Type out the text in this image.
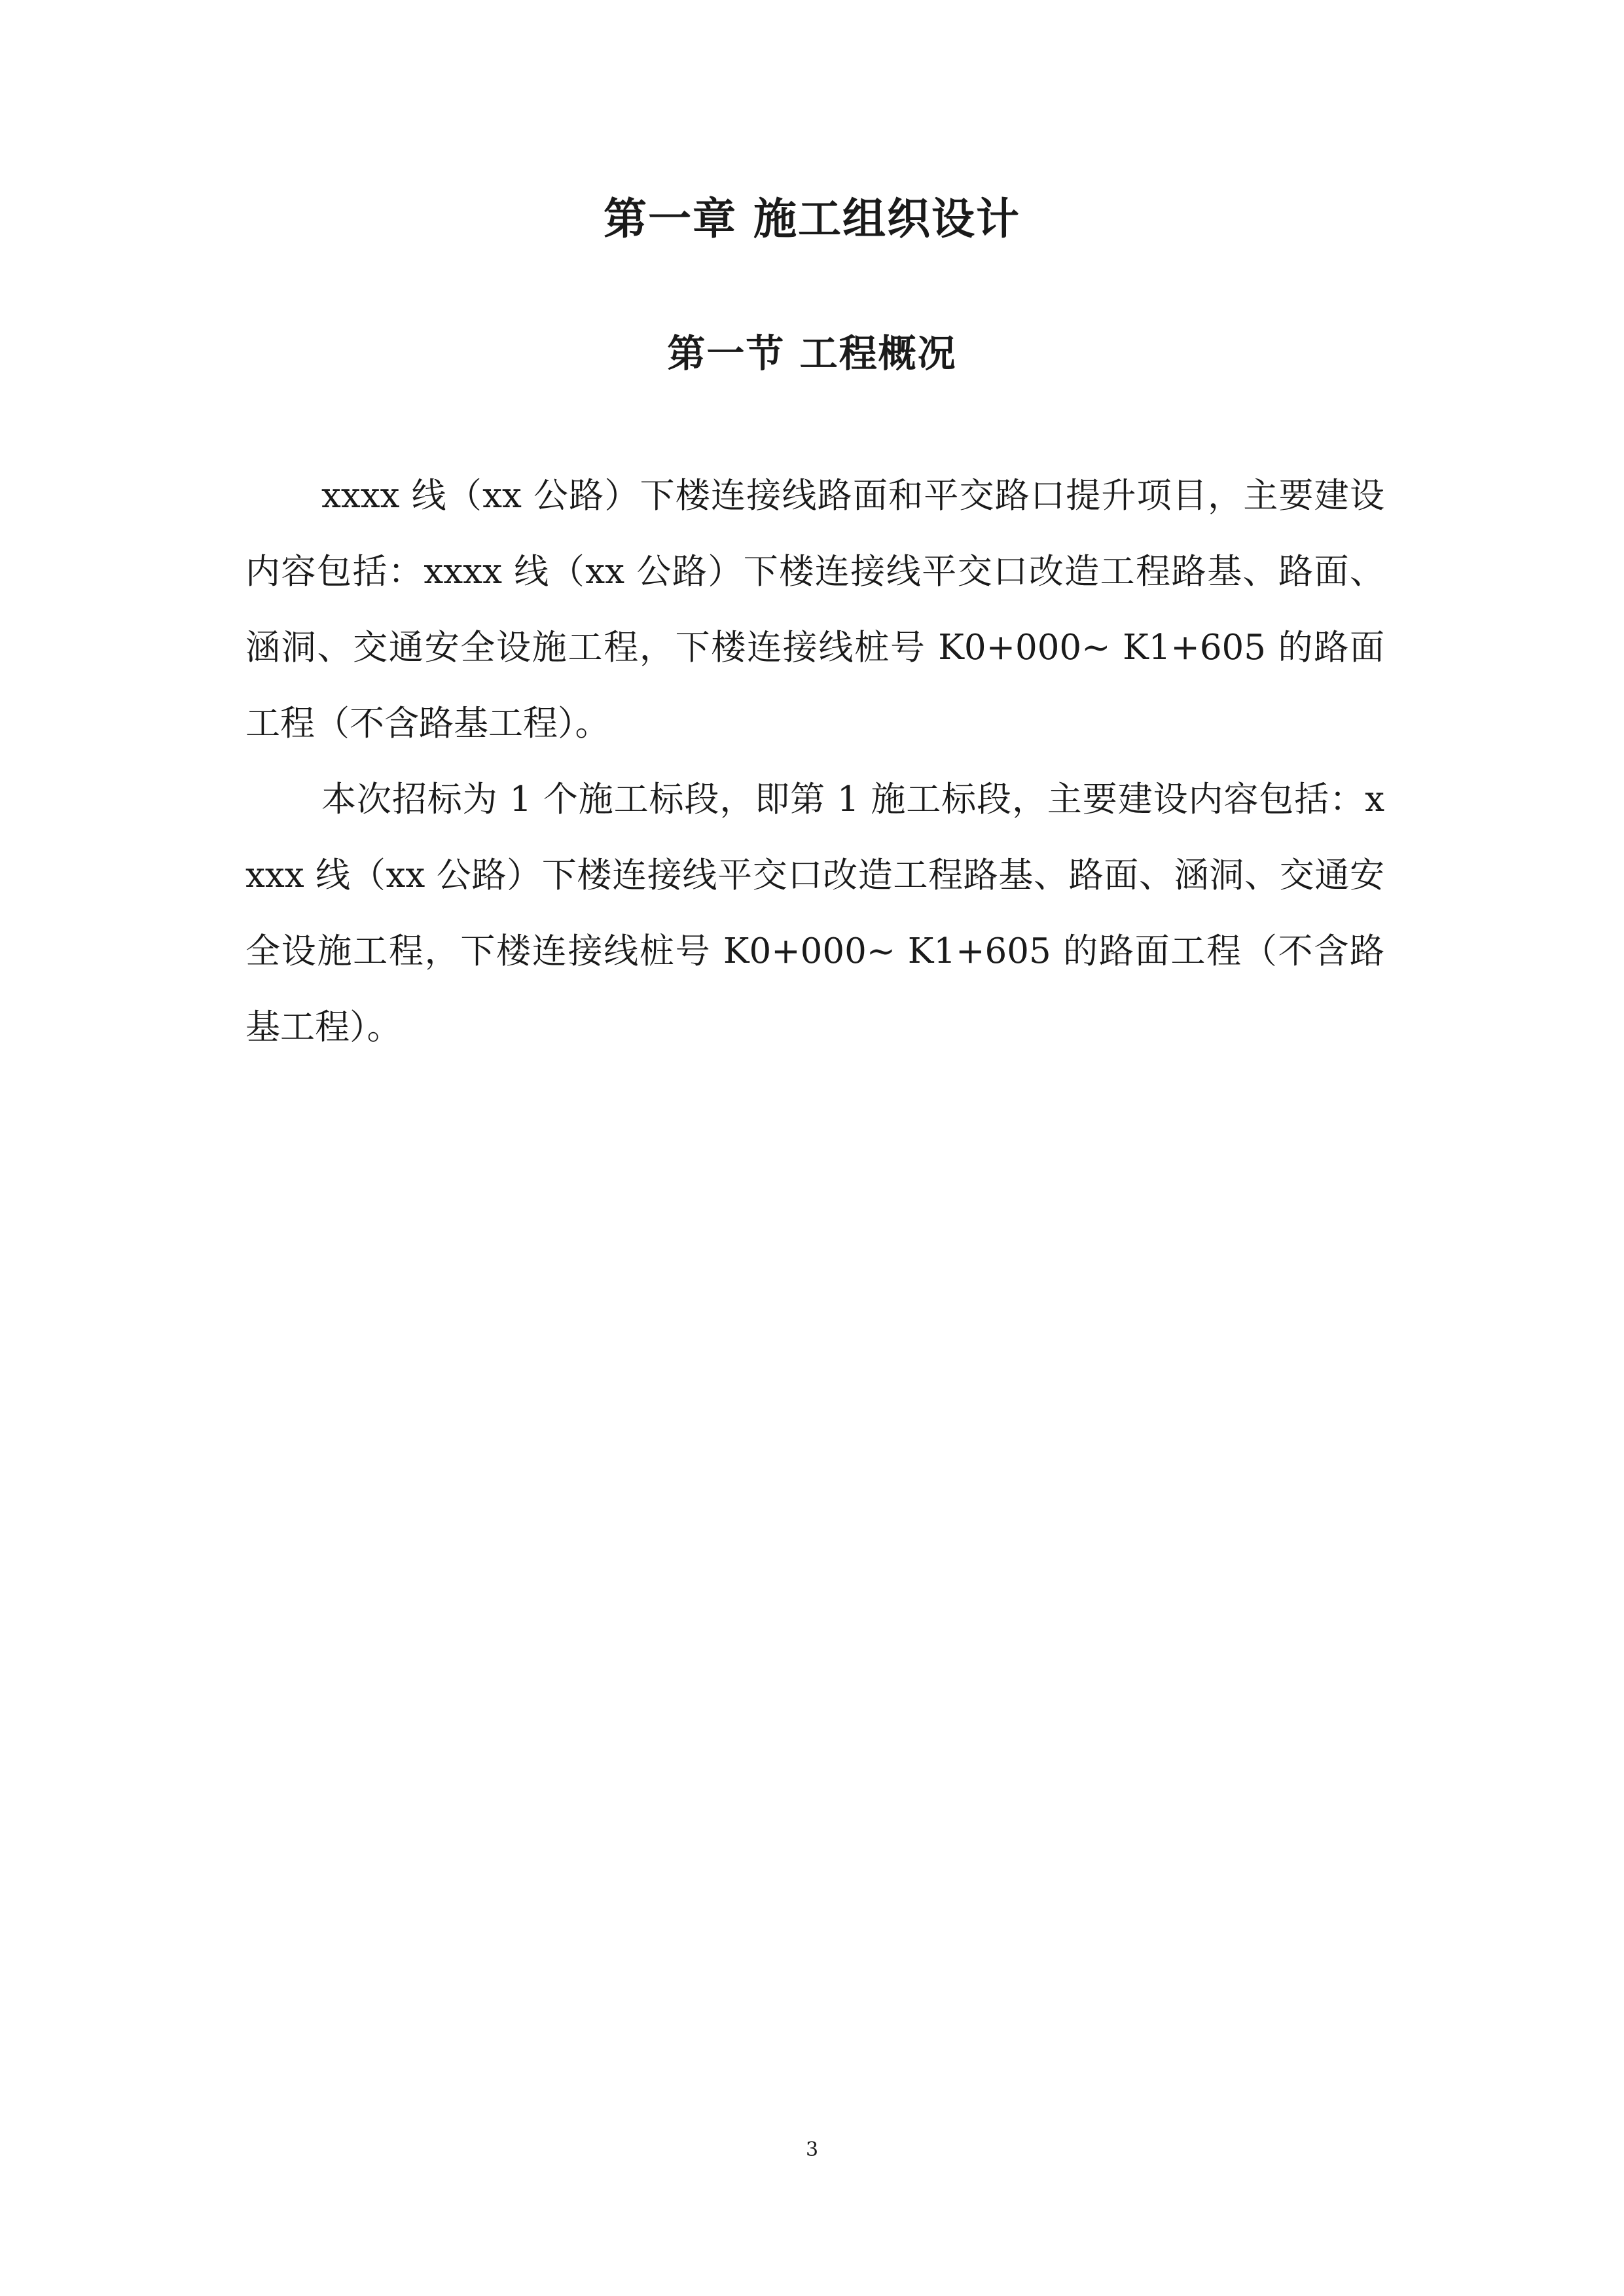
第一章 施工组织设计
第一节 工程概况

xxxx 线（xx 公路）下楼连接线路面和平交路口提升项目，主要建设内容包括：xxxx 线（xx 公路）下楼连接线平交口改造工程路基、路面、涵洞、交通安全设施工程，下楼连接线桩号 K0+000~ K1+605 的路面工程（不含路基工程）。

本次招标为 1 个施工标段，即第 1 施工标段，主要建设内容包括：xxxx 线（xx 公路）下楼连接线平交口改造工程路基、路面、涵洞、交通安全设施工程，下楼连接线桩号 K0+000~ K1+605 的路面工程（不含路基工程）。

3
